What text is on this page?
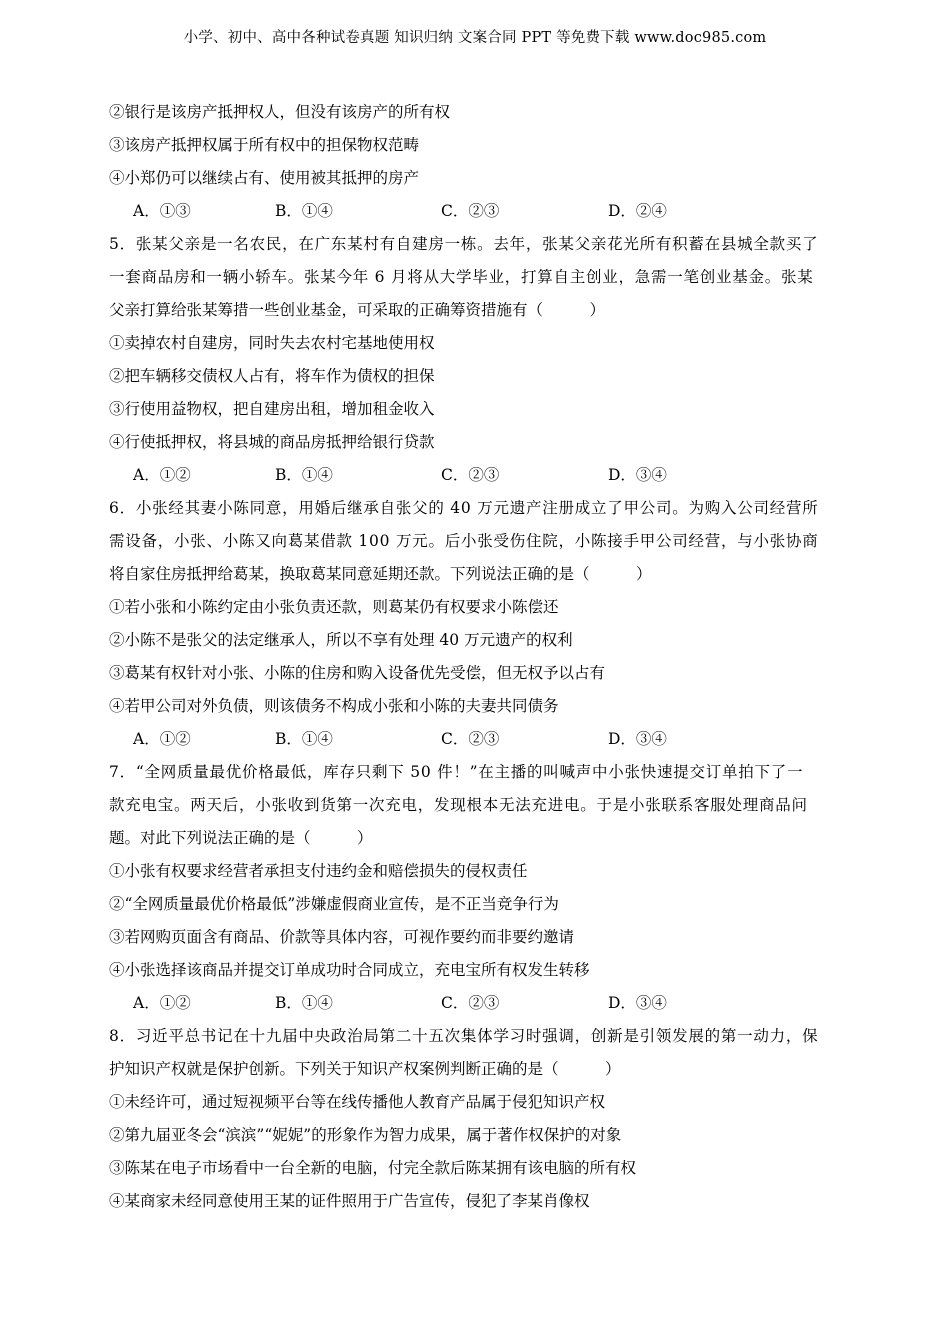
小学、初中、高中各种试卷真题 知识归纳 文案合同 PPT 等免费下载 www.doc985.com
②银行是该房产抵押权人，但没有该房产的所有权
③该房产抵押权属于所有权中的担保物权范畴
④小郑仍可以继续占有、使用被其抵押的房产
A．①③	B．①④	C．②③	D．②④
5．张某父亲是一名农民，在广东某村有自建房一栋。去年，张某父亲花光所有积蓄在县城全款买了
一套商品房和一辆小轿车。张某今年 6 月将从大学毕业，打算自主创业，急需一笔创业基金。张某
父亲打算给张某筹措一些创业基金，可采取的正确筹资措施有（　　　）
①卖掉农村自建房，同时失去农村宅基地使用权
②把车辆移交债权人占有，将车作为债权的担保
③行使用益物权，把自建房出租，增加租金收入
④行使抵押权，将县城的商品房抵押给银行贷款
A．①②	B．①④	C．②③	D．③④
6．小张经其妻小陈同意，用婚后继承自张父的 40 万元遗产注册成立了甲公司。为购入公司经营所
需设备，小张、小陈又向葛某借款 100 万元。后小张受伤住院，小陈接手甲公司经营，与小张协商
将自家住房抵押给葛某，换取葛某同意延期还款。下列说法正确的是（　　　）
①若小张和小陈约定由小张负责还款，则葛某仍有权要求小陈偿还
②小陈不是张父的法定继承人，所以不享有处理 40 万元遗产的权利
③葛某有权针对小张、小陈的住房和购入设备优先受偿，但无权予以占有
④若甲公司对外负债，则该债务不构成小张和小陈的夫妻共同债务
A．①②	B．①④	C．②③	D．③④
7．“全网质量最优价格最低，库存只剩下 50 件！”在主播的叫喊声中小张快速提交订单拍下了一
款充电宝。两天后，小张收到货第一次充电，发现根本无法充进电。于是小张联系客服处理商品问
题。对此下列说法正确的是（　　　）
①小张有权要求经营者承担支付违约金和赔偿损失的侵权责任
②“全网质量最优价格最低”涉嫌虚假商业宣传，是不正当竞争行为
③若网购页面含有商品、价款等具体内容，可视作要约而非要约邀请
④小张选择该商品并提交订单成功时合同成立，充电宝所有权发生转移
A．①②	B．①④	C．②③	D．③④
8．习近平总书记在十九届中央政治局第二十五次集体学习时强调，创新是引领发展的第一动力，保
护知识产权就是保护创新。下列关于知识产权案例判断正确的是（　　　）
①未经许可，通过短视频平台等在线传播他人教育产品属于侵犯知识产权
②第九届亚冬会“滨滨”“妮妮”的形象作为智力成果，属于著作权保护的对象
③陈某在电子市场看中一台全新的电脑，付完全款后陈某拥有该电脑的所有权
④某商家未经同意使用王某的证件照用于广告宣传，侵犯了李某肖像权
